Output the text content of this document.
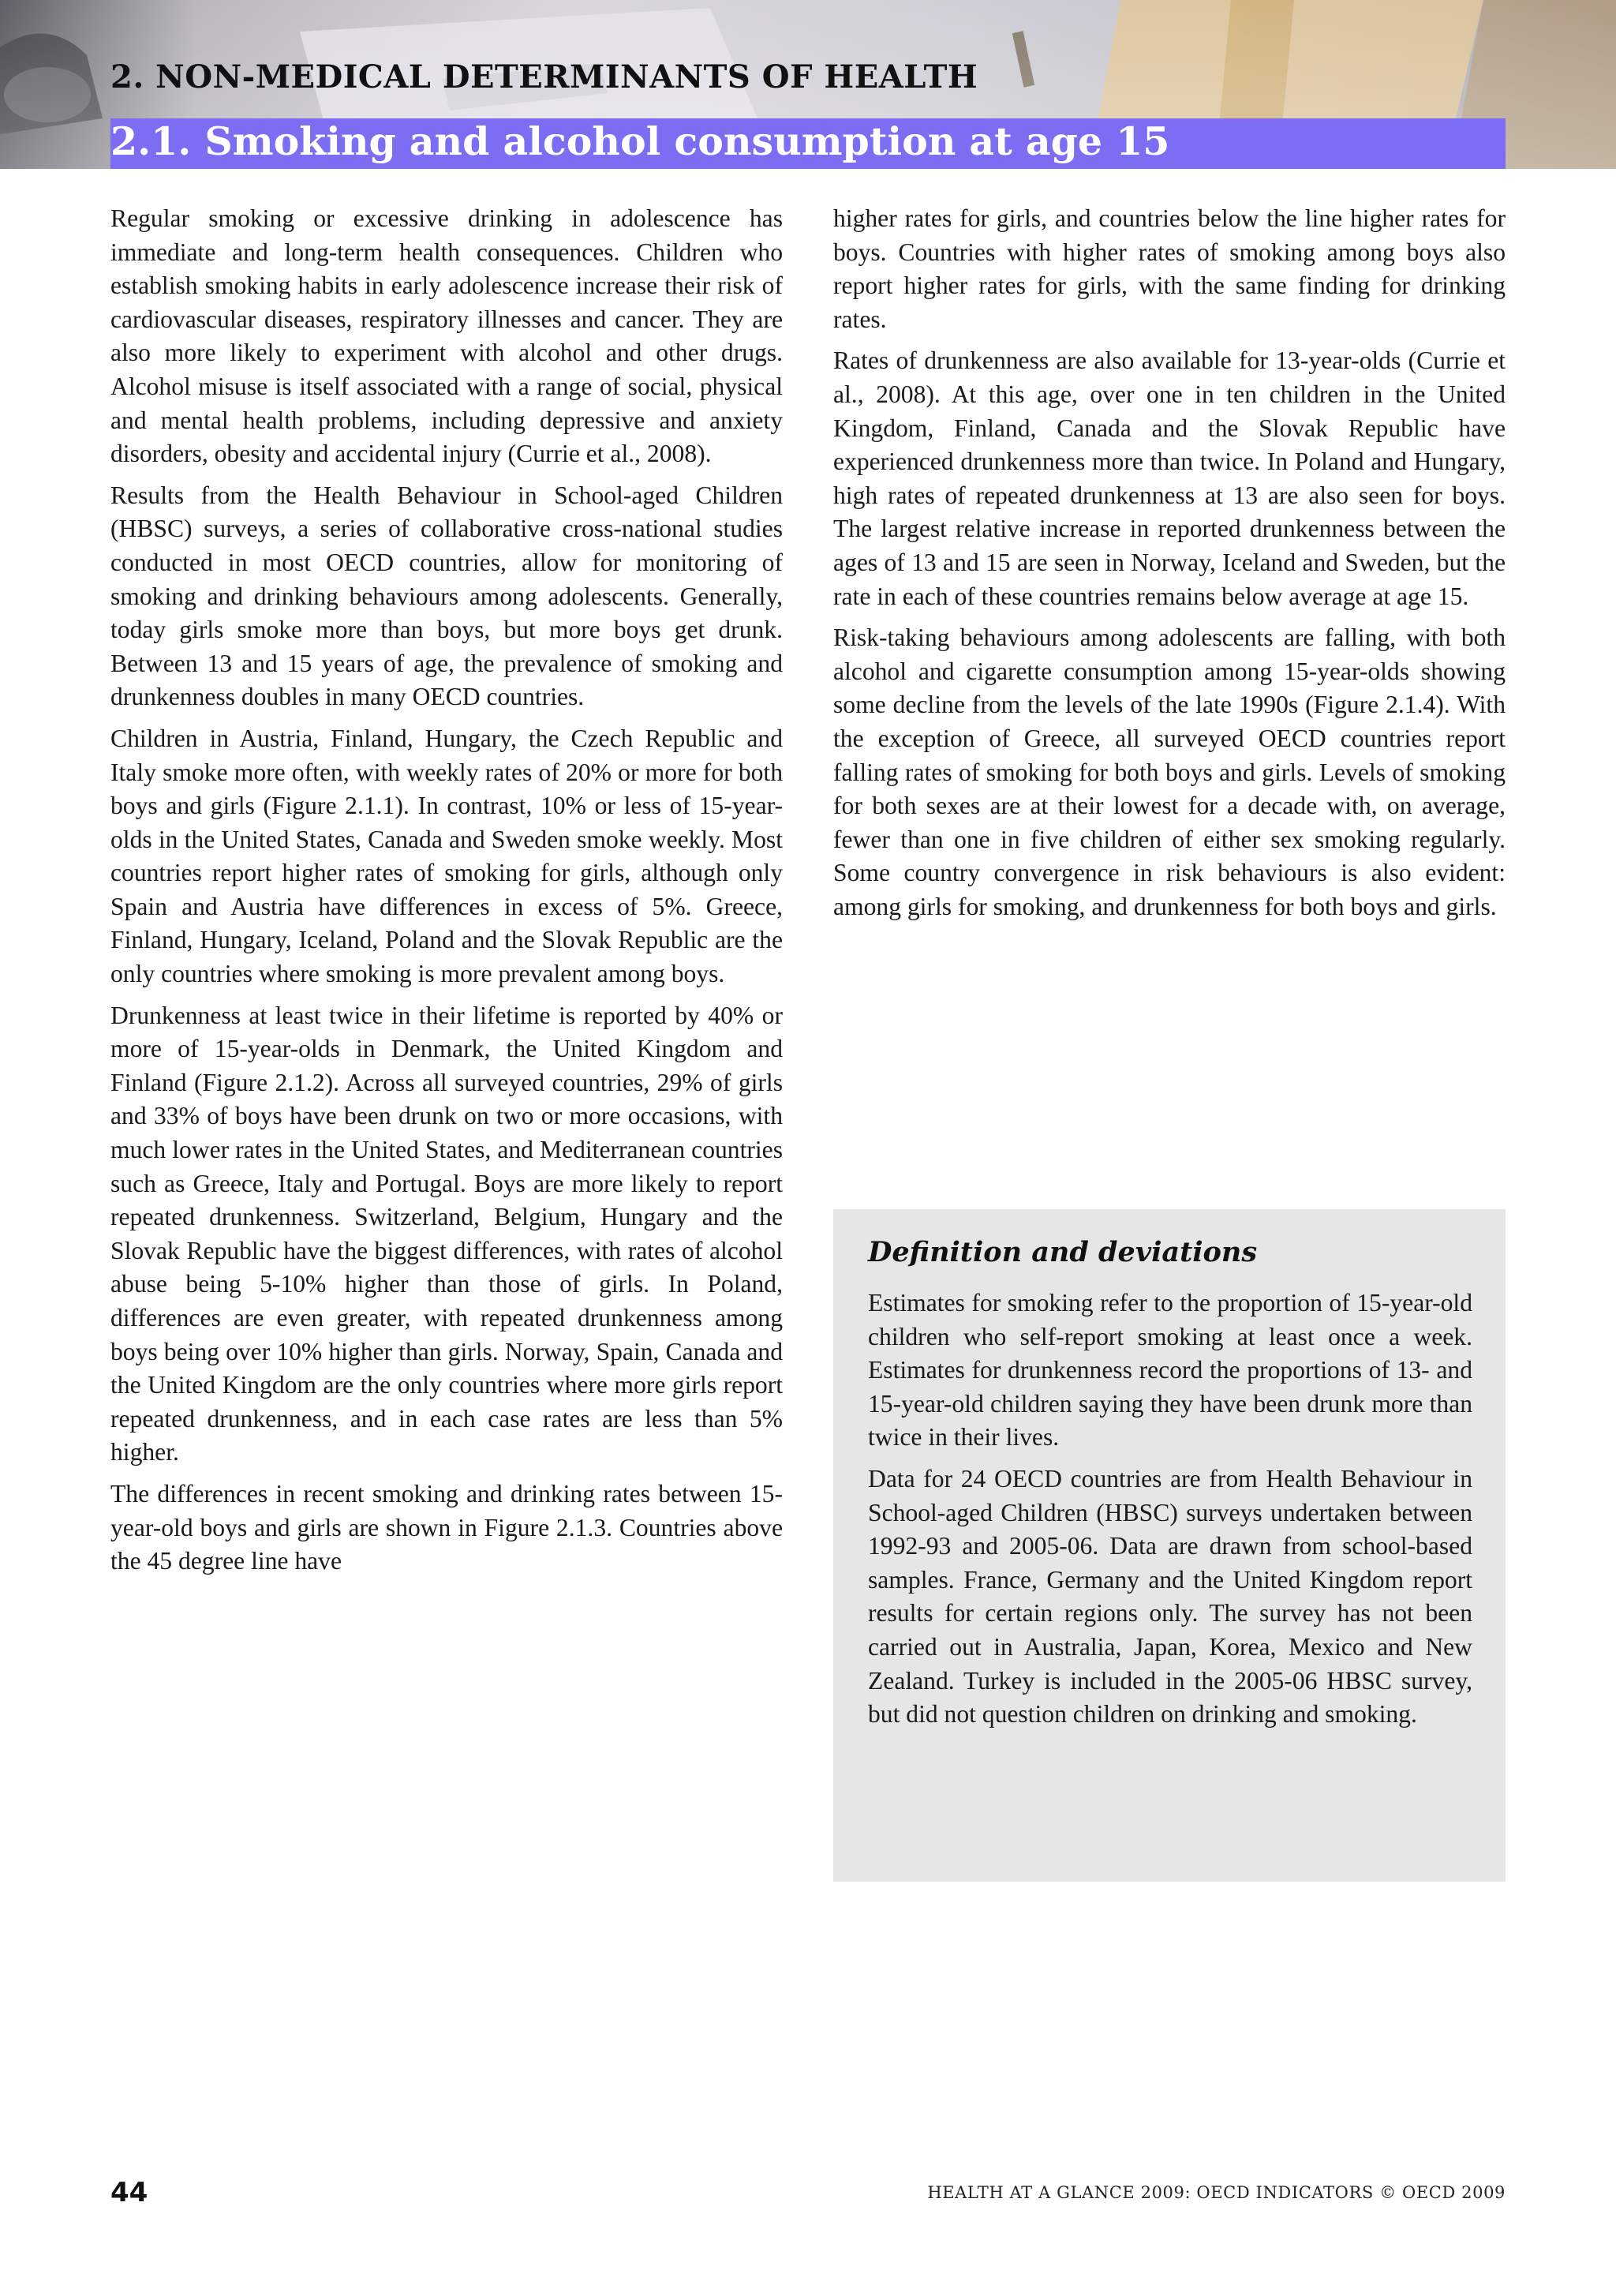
2. NON-MEDICAL DETERMINANTS OF HEALTH
2.1. Smoking and alcohol consumption at age 15

Regular smoking or excessive drinking in adolescence has immediate and long-term health consequences. Children who establish smoking habits in early adolescence increase their risk of cardiovascular diseases, respiratory illnesses and cancer. They are also more likely to experiment with alcohol and other drugs. Alcohol misuse is itself associated with a range of social, physical and mental health problems, including depressive and anxiety disorders, obesity and accidental injury (Currie et al., 2008).

Results from the Health Behaviour in School-aged Children (HBSC) surveys, a series of collaborative cross-national studies conducted in most OECD countries, allow for monitoring of smoking and drinking behaviours among adolescents. Generally, today girls smoke more than boys, but more boys get drunk. Between 13 and 15 years of age, the prevalence of smoking and drunkenness doubles in many OECD countries.

Children in Austria, Finland, Hungary, the Czech Republic and Italy smoke more often, with weekly rates of 20% or more for both boys and girls (Figure 2.1.1). In contrast, 10% or less of 15-year-olds in the United States, Canada and Sweden smoke weekly. Most countries report higher rates of smoking for girls, although only Spain and Austria have differences in excess of 5%. Greece, Finland, Hungary, Iceland, Poland and the Slovak Republic are the only countries where smoking is more prevalent among boys.

Drunkenness at least twice in their lifetime is reported by 40% or more of 15-year-olds in Denmark, the United Kingdom and Finland (Figure 2.1.2). Across all surveyed countries, 29% of girls and 33% of boys have been drunk on two or more occasions, with much lower rates in the United States, and Mediterranean countries such as Greece, Italy and Portugal. Boys are more likely to report repeated drunkenness. Switzerland, Belgium, Hungary and the Slovak Republic have the biggest differences, with rates of alcohol abuse being 5-10% higher than those of girls. In Poland, differences are even greater, with repeated drunkenness among boys being over 10% higher than girls. Norway, Spain, Canada and the United Kingdom are the only countries where more girls report repeated drunkenness, and in each case rates are less than 5% higher.

The differences in recent smoking and drinking rates between 15-year-old boys and girls are shown in Figure 2.1.3. Countries above the 45 degree line have

higher rates for girls, and countries below the line higher rates for boys. Countries with higher rates of smoking among boys also report higher rates for girls, with the same finding for drinking rates.

Rates of drunkenness are also available for 13-year-olds (Currie et al., 2008). At this age, over one in ten children in the United Kingdom, Finland, Canada and the Slovak Republic have experienced drunkenness more than twice. In Poland and Hungary, high rates of repeated drunkenness at 13 are also seen for boys. The largest relative increase in reported drunkenness between the ages of 13 and 15 are seen in Norway, Iceland and Sweden, but the rate in each of these countries remains below average at age 15.

Risk-taking behaviours among adolescents are falling, with both alcohol and cigarette consumption among 15-year-olds showing some decline from the levels of the late 1990s (Figure 2.1.4). With the exception of Greece, all surveyed OECD countries report falling rates of smoking for both boys and girls. Levels of smoking for both sexes are at their lowest for a decade with, on average, fewer than one in five children of either sex smoking regularly. Some country convergence in risk behaviours is also evident: among girls for smoking, and drunkenness for both boys and girls.

Definition and deviations

Estimates for smoking refer to the proportion of 15-year-old children who self-report smoking at least once a week. Estimates for drunkenness record the proportions of 13- and 15-year-old children saying they have been drunk more than twice in their lives.

Data for 24 OECD countries are from Health Behaviour in School-aged Children (HBSC) surveys undertaken between 1992-93 and 2005-06. Data are drawn from school-based samples. France, Germany and the United Kingdom report results for certain regions only. The survey has not been carried out in Australia, Japan, Korea, Mexico and New Zealand. Turkey is included in the 2005-06 HBSC survey, but did not question children on drinking and smoking.

44	HEALTH AT A GLANCE 2009: OECD INDICATORS © OECD 2009
